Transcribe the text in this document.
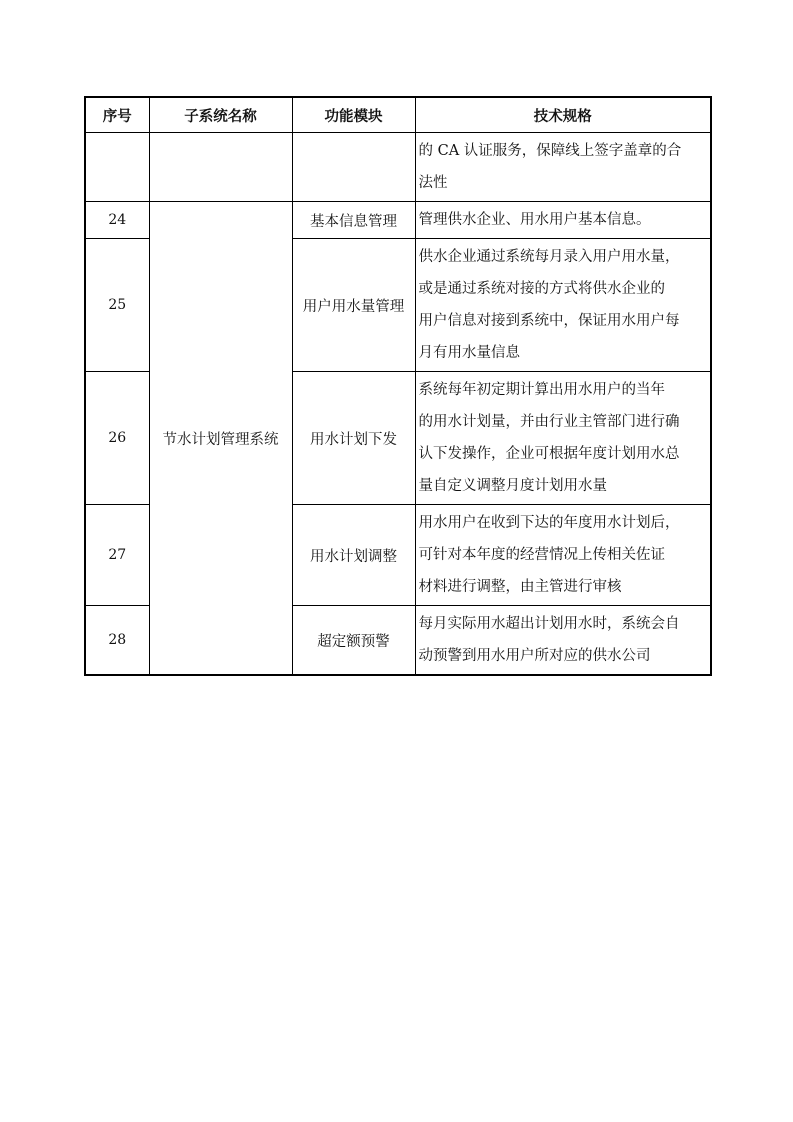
序号	子系统名称	功能模块	技术规格

			的 CA 认证服务，保障线上签字盖章的合
法性

24	节水计划管理系统	基本信息管理	管理供水企业、用水用户基本信息。

25		用户用水量管理	供水企业通过系统每月录入用户用水量，
或是通过系统对接的方式将供水企业的
用户信息对接到系统中，保证用水用户每
月有用水量信息

26		用水计划下发	系统每年初定期计算出用水用户的当年
的用水计划量，并由行业主管部门进行确
认下发操作，企业可根据年度计划用水总
量自定义调整月度计划用水量

27		用水计划调整	用水用户在收到下达的年度用水计划后，
可针对本年度的经营情况上传相关佐证
材料进行调整，由主管进行审核

28		超定额预警	每月实际用水超出计划用水时，系统会自
动预警到用水用户所对应的供水公司
